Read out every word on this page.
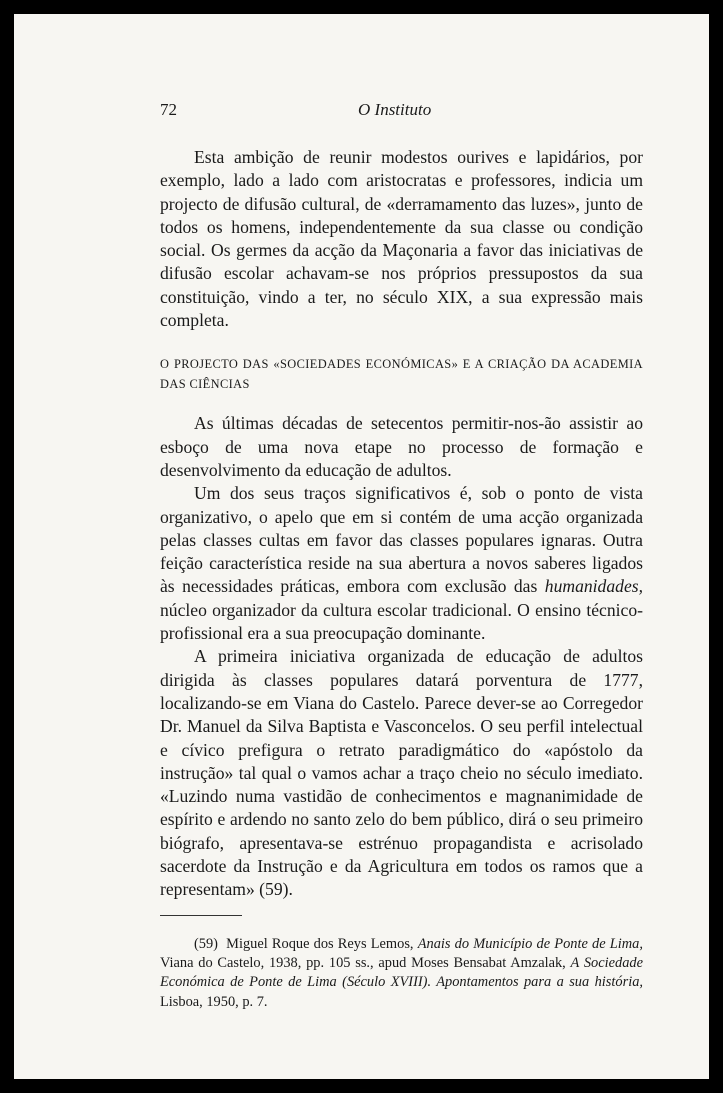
72	O Instituto

Esta ambição de reunir modestos ourives e lapidários, por exemplo, lado a lado com aristocratas e professores, indicia um projecto de difusão cultural, de «derramamento das luzes», junto de todos os homens, independentemente da sua classe ou condição social. Os germes da acção da Maçonaria a favor das iniciativas de difusão escolar achavam-se nos próprios pressupostos da sua constituição, vindo a ter, no século XIX, a sua expressão mais completa.

O PROJECTO DAS «SOCIEDADES ECONÓMICAS» E A CRIAÇÃO DA ACADEMIA DAS CIÊNCIAS

As últimas décadas de setecentos permitir-nos-ão assistir ao esboço de uma nova etape no processo de formação e desenvolvimento da educação de adultos.

Um dos seus traços significativos é, sob o ponto de vista organizativo, o apelo que em si contém de uma acção organizada pelas classes cultas em favor das classes populares ignaras. Outra feição característica reside na sua abertura a novos saberes ligados às necessidades práticas, embora com exclusão das humanidades, núcleo organizador da cultura escolar tradicional. O ensino técnico-profissional era a sua preocupação dominante.

A primeira iniciativa organizada de educação de adultos dirigida às classes populares datará porventura de 1777, localizando-se em Viana do Castelo. Parece dever-se ao Corregedor Dr. Manuel da Silva Baptista e Vasconcelos. O seu perfil intelectual e cívico prefigura o retrato paradigmático do «apóstolo da instrução» tal qual o vamos achar a traço cheio no século imediato. «Luzindo numa vastidão de conhecimentos e magnanimidade de espírito e ardendo no santo zelo do bem público, dirá o seu primeiro biógrafo, apresentava-se estrénuo propagandista e acrisolado sacerdote da Instrução e da Agricultura em todos os ramos que a representam» (59).

(59) Miguel Roque dos Reys Lemos, Anais do Município de Ponte de Lima, Viana do Castelo, 1938, pp. 105 ss., apud Moses Bensabat Amzalak, A Sociedade Económica de Ponte de Lima (Século XVIII). Apontamentos para a sua história, Lisboa, 1950, p. 7.
